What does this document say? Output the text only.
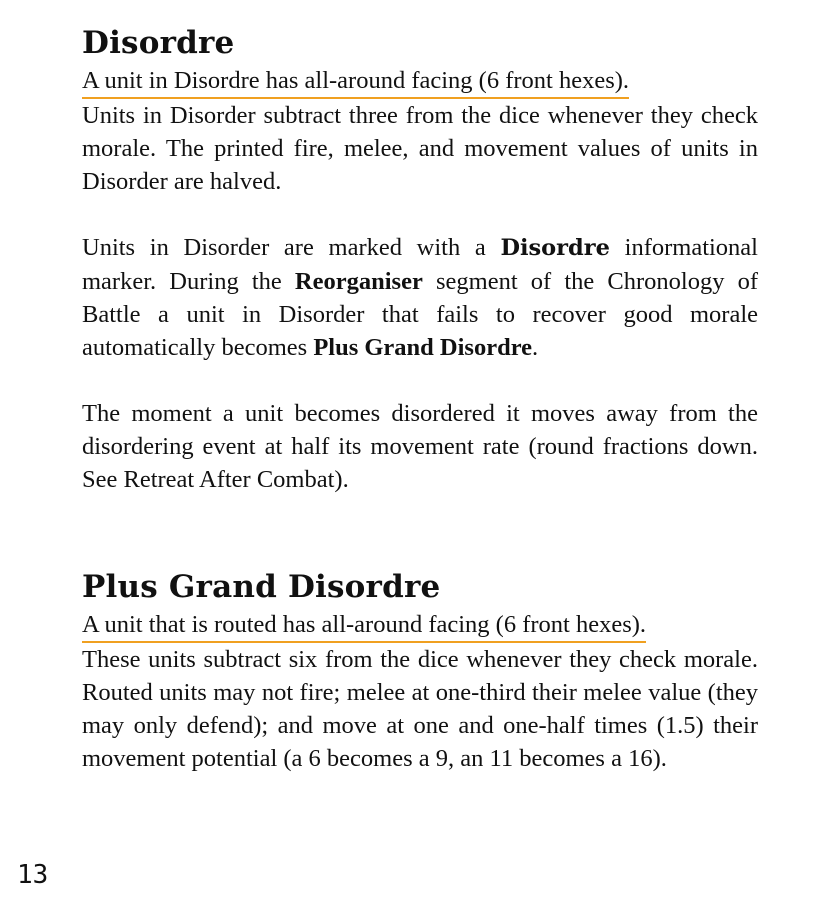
Disordre

A unit in Disordre has all-around facing (6 front hexes).

Units in Disorder subtract three from the dice whenever they check morale. The printed fire, melee, and movement values of units in Disorder are halved.

Units in Disorder are marked with a Disordre informational marker. During the Reorganiser segment of the Chronology of Battle a unit in Disorder that fails to recover good morale automatically becomes Plus Grand Disordre.

The moment a unit becomes disordered it moves away from the disordering event at half its movement rate (round fractions down. See Retreat After Combat).

Plus Grand Disordre

A unit that is routed has all-around facing (6 front hexes).

These units subtract six from the dice whenever they check morale. Routed units may not fire; melee at one-third their melee value (they may only defend); and move at one and one-half times (1.5) their movement potential (a 6 becomes a 9, an 11 becomes a 16).

13
